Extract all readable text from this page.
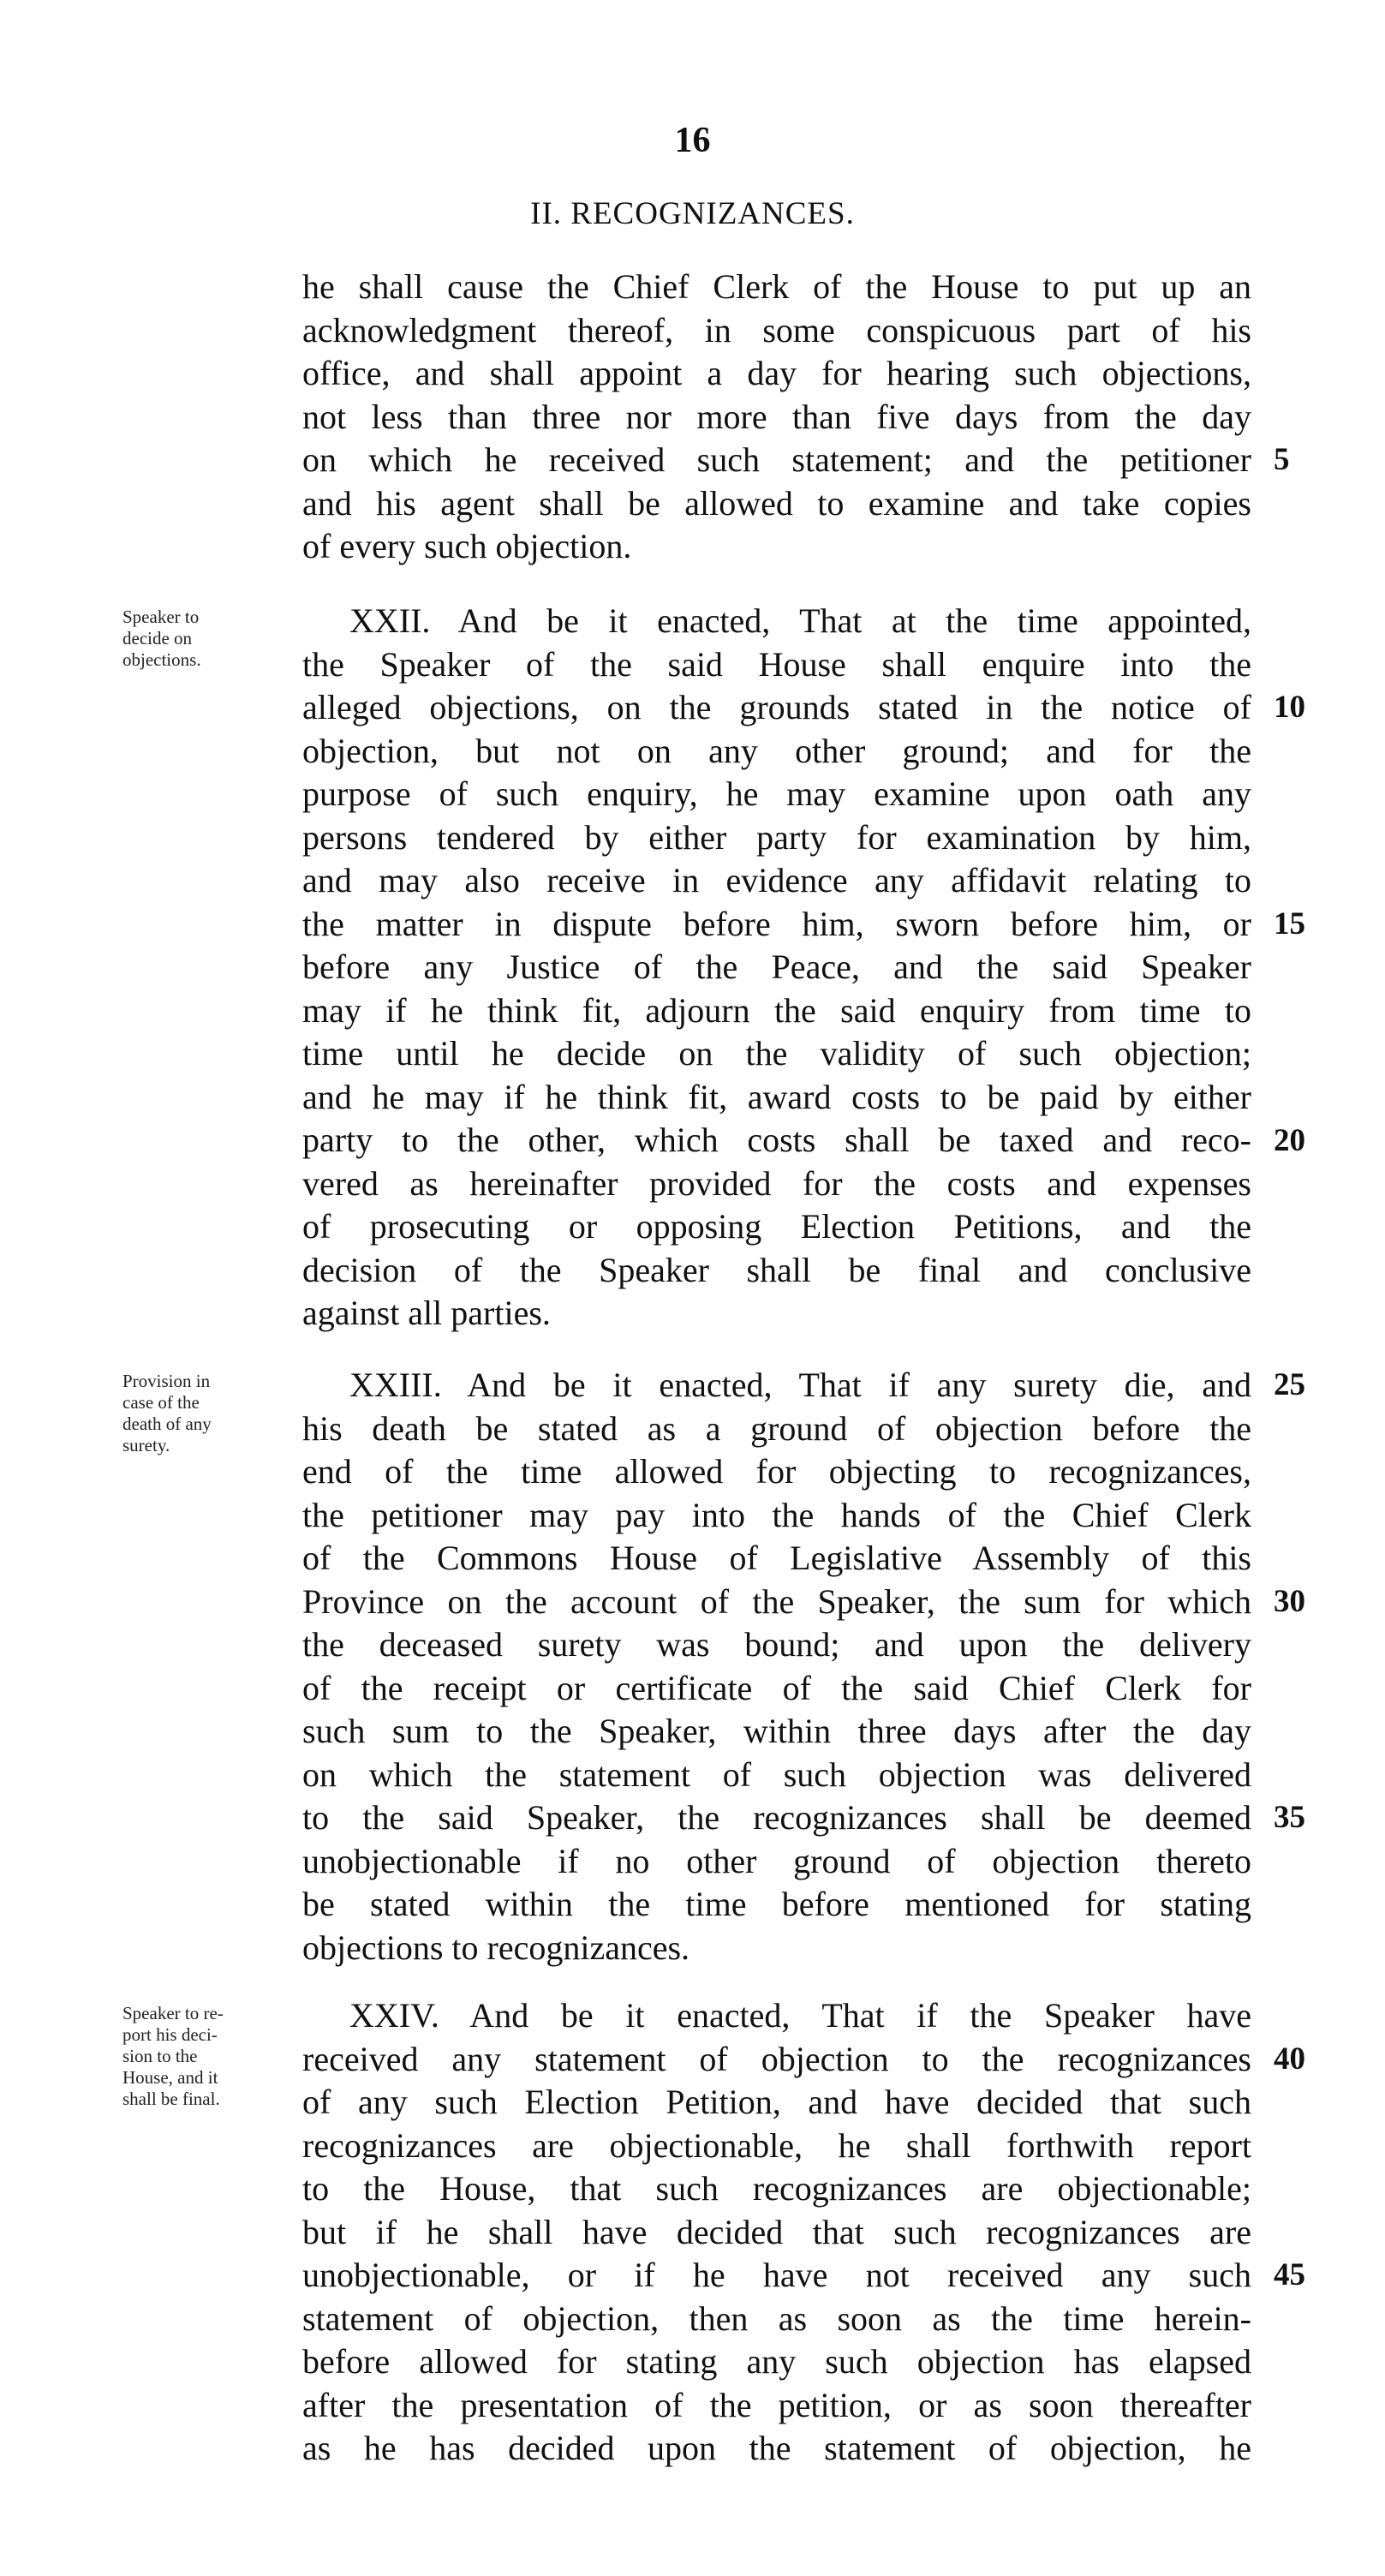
16
II. RECOGNIZANCES.
he shall cause the Chief Clerk of the House to put up an
acknowledgment thereof, in some conspicuous part of his
office, and shall appoint a day for hearing such objections,
not less than three nor more than five days from the day
on which he received such statement; and the petitioner
and his agent shall be allowed to examine and take copies
of every such objection.
Speaker to
decide on
objections.
XXII. And be it enacted, That at the time appointed,
the Speaker of the said House shall enquire into the
alleged objections, on the grounds stated in the notice of
objection, but not on any other ground; and for the
purpose of such enquiry, he may examine upon oath any
persons tendered by either party for examination by him,
and may also receive in evidence any affidavit relating to
the matter in dispute before him, sworn before him, or
before any Justice of the Peace, and the said Speaker
may if he think fit, adjourn the said enquiry from time to
time until he decide on the validity of such objection;
and he may if he think fit, award costs to be paid by either
party to the other, which costs shall be taxed and reco-
vered as hereinafter provided for the costs and expenses
of prosecuting or opposing Election Petitions, and the
decision of the Speaker shall be final and conclusive
against all parties.
Provision in
case of the
death of any
surety.
XXIII. And be it enacted, That if any surety die, and
his death be stated as a ground of objection before the
end of the time allowed for objecting to recognizances,
the petitioner may pay into the hands of the Chief Clerk
of the Commons House of Legislative Assembly of this
Province on the account of the Speaker, the sum for which
the deceased surety was bound; and upon the delivery
of the receipt or certificate of the said Chief Clerk for
such sum to the Speaker, within three days after the day
on which the statement of such objection was delivered
to the said Speaker, the recognizances shall be deemed
unobjectionable if no other ground of objection thereto
be stated within the time before mentioned for stating
objections to recognizances.
Speaker to re-
port his deci-
sion to the
House, and it
shall be final.
XXIV. And be it enacted, That if the Speaker have
received any statement of objection to the recognizances
of any such Election Petition, and have decided that such
recognizances are objectionable, he shall forthwith report
to the House, that such recognizances are objectionable;
but if he shall have decided that such recognizances are
unobjectionable, or if he have not received any such
statement of objection, then as soon as the time herein-
before allowed for stating any such objection has elapsed
after the presentation of the petition, or as soon thereafter
as he has decided upon the statement of objection, he
5
10
15
20
25
30
35
40
45
